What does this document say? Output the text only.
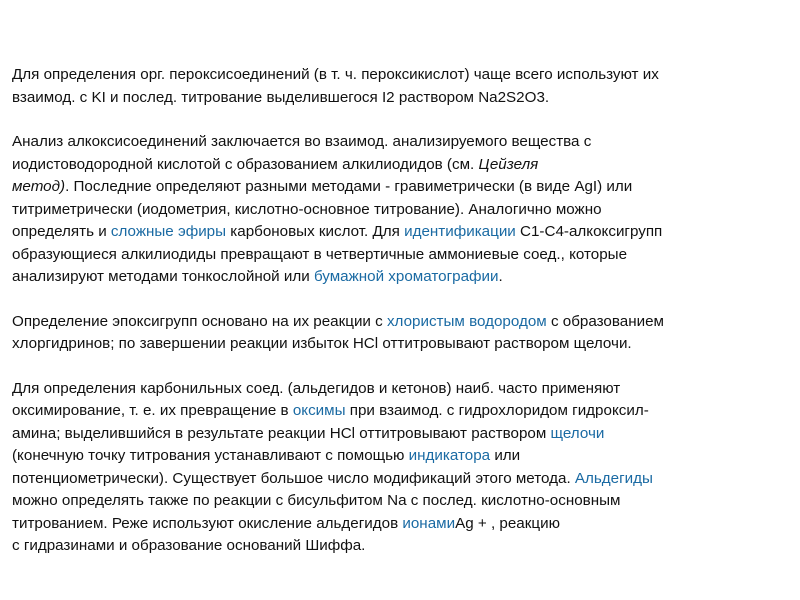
Для определения орг. пероксисоединений (в т. ч. пероксикислот) чаще всего используют их
взаимод. с KI и послед. титрование выделившегося I2 раствором Na2S2O3.
Анализ алкоксисоединений заключается во взаимод. анализируемого вещества с
иодистоводородной кислотой с образованием алкилиодидов (см. Цейзеля
метод). Последние определяют разными методами - гравиметрически (в виде AgI) или
титриметрически (иодометрия, кислотно-основное титрование). Аналогично можно
определять и сложные эфиры карбоновых кислот. Для идентификации C1-C4-алкоксигрупп
образующиеся алкилиодиды превращают в четвертичные аммониевые соед., которые
анализируют методами тонкослойной или бумажной хроматографии.
Определение эпоксигрупп основано на их реакции с хлористым водородом с образованием
хлоргидринов; по завершении реакции избыток HCl оттитровывают раствором щелочи.
Для определения карбонильных соед. (альдегидов и кетонов) наиб. часто применяют
оксимирование, т. е. их превращение в оксимы при взаимод. с гидрохлоридом гидроксил-
амина; выделившийся в результате реакции HCl оттитровывают раствором щелочи
(конечную точку титрования устанавливают с помощью индикатора или
потенциометрически). Существует большое число модификаций этого метода. Альдегиды
можно определять также по реакции с бисульфитом Na с послед. кислотно-основным
титрованием. Реже используют окисление альдегидов ионамиAg + , реакцию
с гидразинами и образование оснований Шиффа.
